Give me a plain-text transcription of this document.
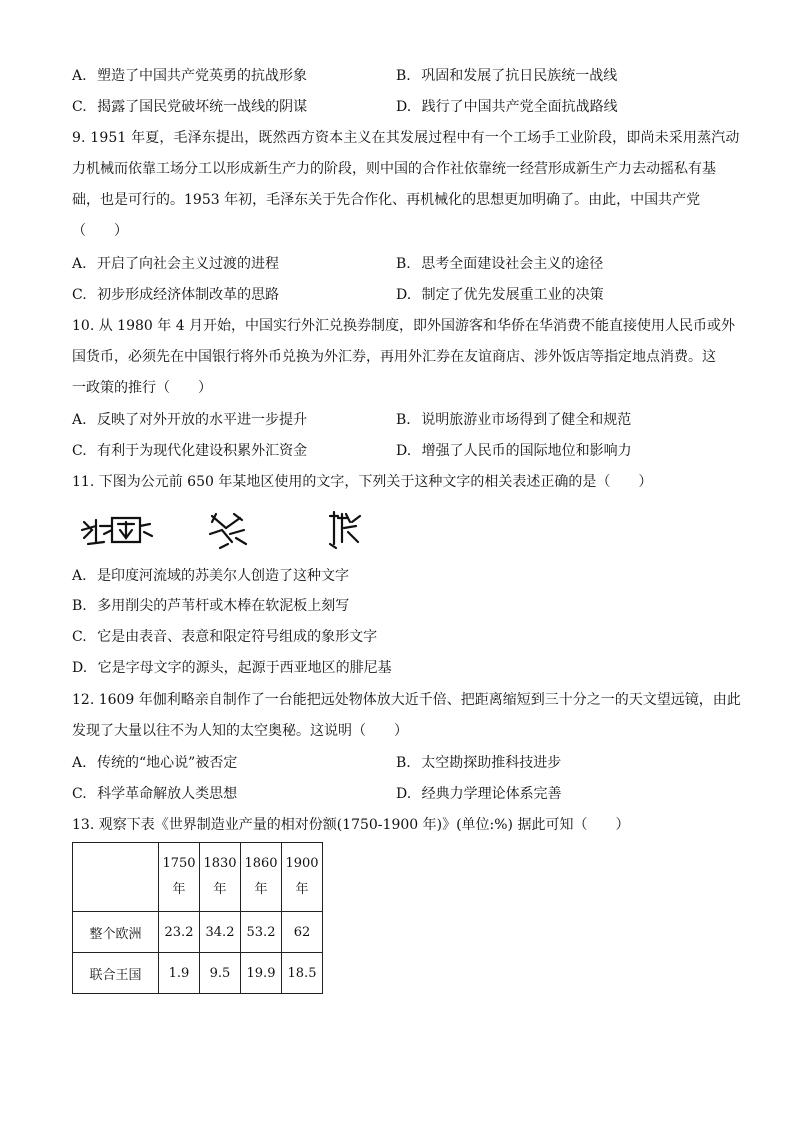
A. 塑造了中国共产党英勇的抗战形象	B. 巩固和发展了抗日民族统一战线
C. 揭露了国民党破坏统一战线的阴谋	D. 践行了中国共产党全面抗战路线
9. 1951 年夏，毛泽东提出，既然西方资本主义在其发展过程中有一个工场手工业阶段，即尚未采用蒸汽动
力机械而依靠工场分工以形成新生产力的阶段，则中国的合作社依靠统一经营形成新生产力去动摇私有基
础，也是可行的。1953 年初，毛泽东关于先合作化、再机械化的思想更加明确了。由此，中国共产党
（　　）
A. 开启了向社会主义过渡的进程	B. 思考全面建设社会主义的途径
C. 初步形成经济体制改革的思路	D. 制定了优先发展重工业的决策
10. 从 1980 年 4 月开始，中国实行外汇兑换券制度，即外国游客和华侨在华消费不能直接使用人民币或外
国货币，必须先在中国银行将外币兑换为外汇券，再用外汇券在友谊商店、涉外饭店等指定地点消费。这
一政策的推行（　　）
A. 反映了对外开放的水平进一步提升	B. 说明旅游业市场得到了健全和规范
C. 有利于为现代化建设积累外汇资金	D. 增强了人民币的国际地位和影响力
11. 下图为公元前 650 年某地区使用的文字，下列关于这种文字的相关表述正确的是（　　）
A. 是印度河流域的苏美尔人创造了这种文字
B. 多用削尖的芦苇杆或木棒在软泥板上刻写
C. 它是由表音、表意和限定符号组成的象形文字
D. 它是字母文字的源头，起源于西亚地区的腓尼基
12. 1609 年伽利略亲自制作了一台能把远处物体放大近千倍、把距离缩短到三十分之一的天文望远镜，由此
发现了大量以往不为人知的太空奥秘。这说明（　　）
A. 传统的“地心说”被否定	B. 太空勘探助推科技进步
C. 科学革命解放人类思想	D. 经典力学理论体系完善
13. 观察下表《世界制造业产量的相对份额(1750-1900 年)》(单位:%) 据此可知（　　）
	1750
年	1830
年	1860
年	1900
年
整个欧洲	23.2	34.2	53.2	62
联合王国	1.9	9.5	19.9	18.5
